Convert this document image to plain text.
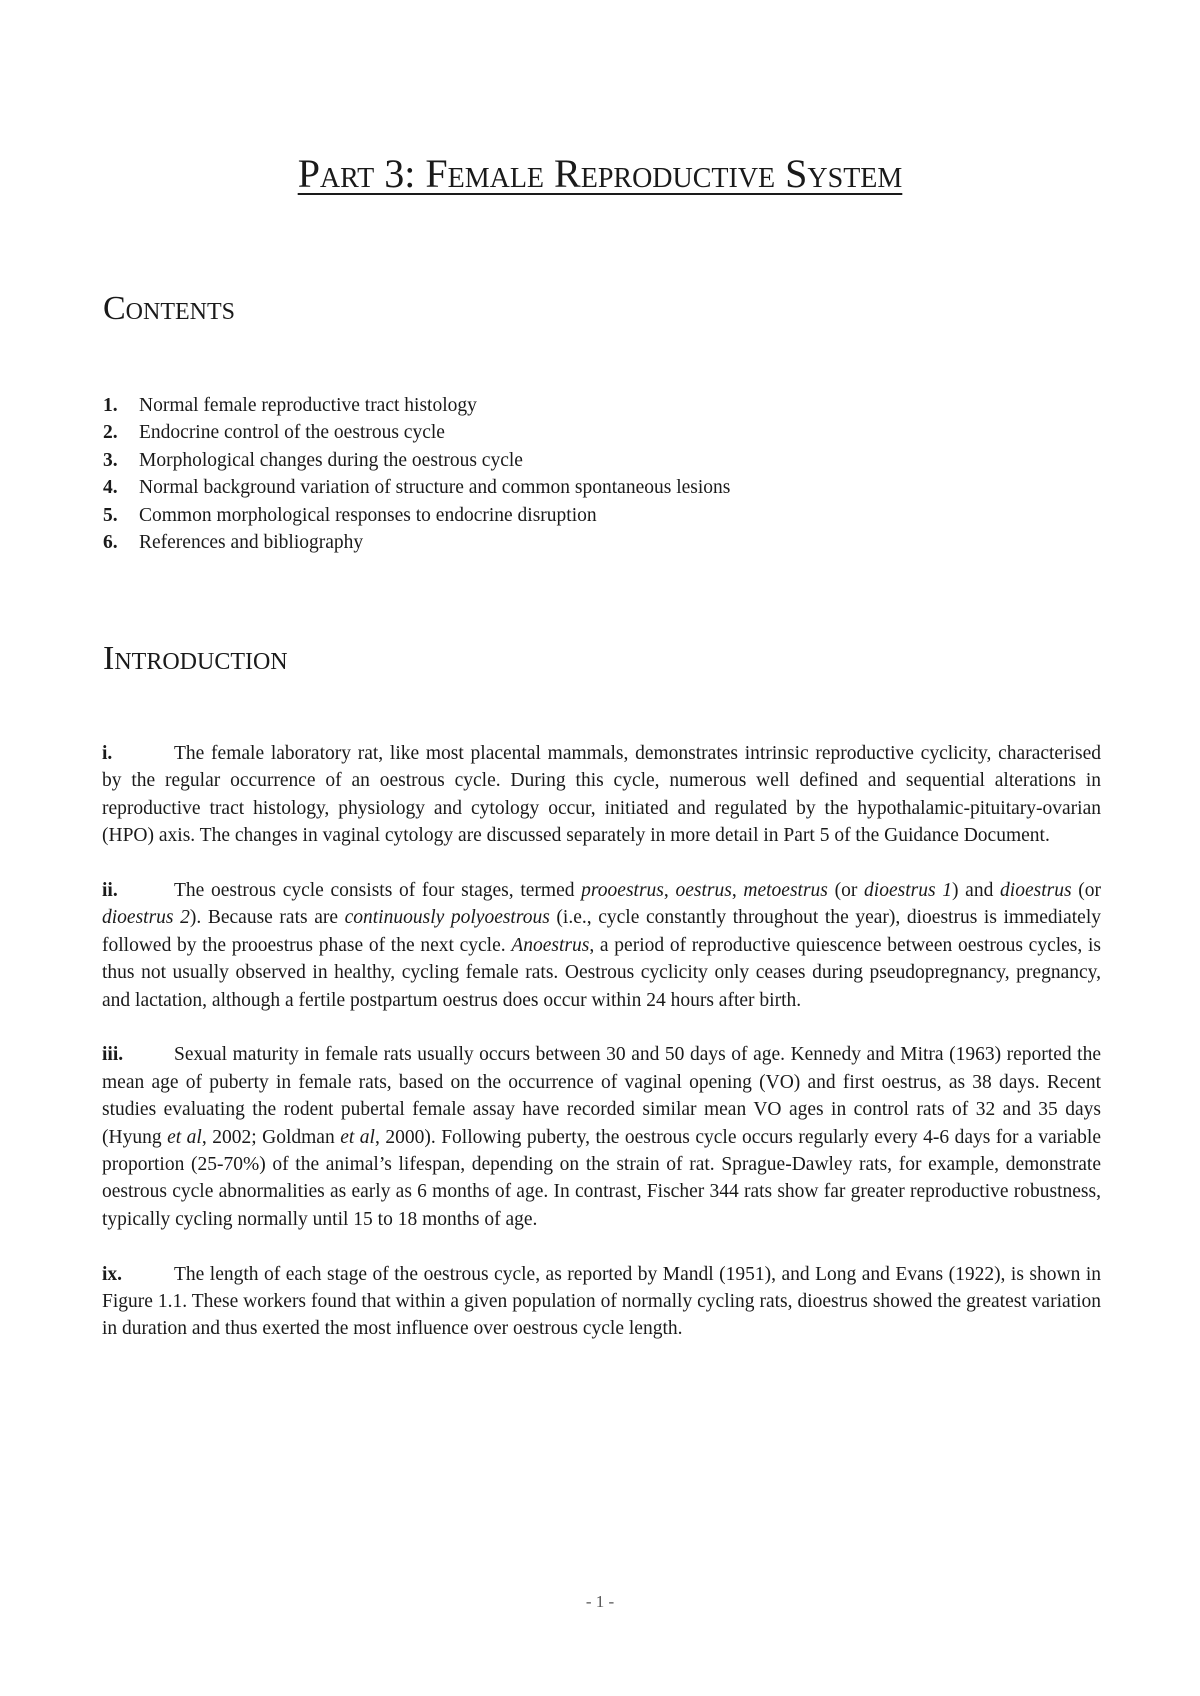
Part 3: Female Reproductive System
Contents
1.	Normal female reproductive tract histology
2.	Endocrine control of the oestrous cycle
3.	Morphological changes during the oestrous cycle
4.	Normal background variation of structure and common spontaneous lesions
5.	Common morphological responses to endocrine disruption
6.	References and bibliography
Introduction

i.	The female laboratory rat, like most placental mammals, demonstrates intrinsic reproductive cyclicity, characterised by the regular occurrence of an oestrous cycle. During this cycle, numerous well defined and sequential alterations in reproductive tract histology, physiology and cytology occur, initiated and regulated by the hypothalamic-pituitary-ovarian (HPO) axis. The changes in vaginal cytology are discussed separately in more detail in Part 5 of the Guidance Document.

ii.	The oestrous cycle consists of four stages, termed prooestrus, oestrus, metoestrus (or dioestrus 1) and dioestrus (or dioestrus 2). Because rats are continuously polyoestrous (i.e., cycle constantly throughout the year), dioestrus is immediately followed by the prooestrus phase of the next cycle. Anoestrus, a period of reproductive quiescence between oestrous cycles, is thus not usually observed in healthy, cycling female rats. Oestrous cyclicity only ceases during pseudopregnancy, pregnancy, and lactation, although a fertile postpartum oestrus does occur within 24 hours after birth.

iii.	Sexual maturity in female rats usually occurs between 30 and 50 days of age. Kennedy and Mitra (1963) reported the mean age of puberty in female rats, based on the occurrence of vaginal opening (VO) and first oestrus, as 38 days. Recent studies evaluating the rodent pubertal female assay have recorded similar mean VO ages in control rats of 32 and 35 days (Hyung et al, 2002; Goldman et al, 2000). Following puberty, the oestrous cycle occurs regularly every 4-6 days for a variable proportion (25-70%) of the animal’s lifespan, depending on the strain of rat. Sprague-Dawley rats, for example, demonstrate oestrous cycle abnormalities as early as 6 months of age. In contrast, Fischer 344 rats show far greater reproductive robustness, typically cycling normally until 15 to 18 months of age.

ix.	The length of each stage of the oestrous cycle, as reported by Mandl (1951), and Long and Evans (1922), is shown in Figure 1.1. These workers found that within a given population of normally cycling rats, dioestrus showed the greatest variation in duration and thus exerted the most influence over oestrous cycle length.

- 1 -
